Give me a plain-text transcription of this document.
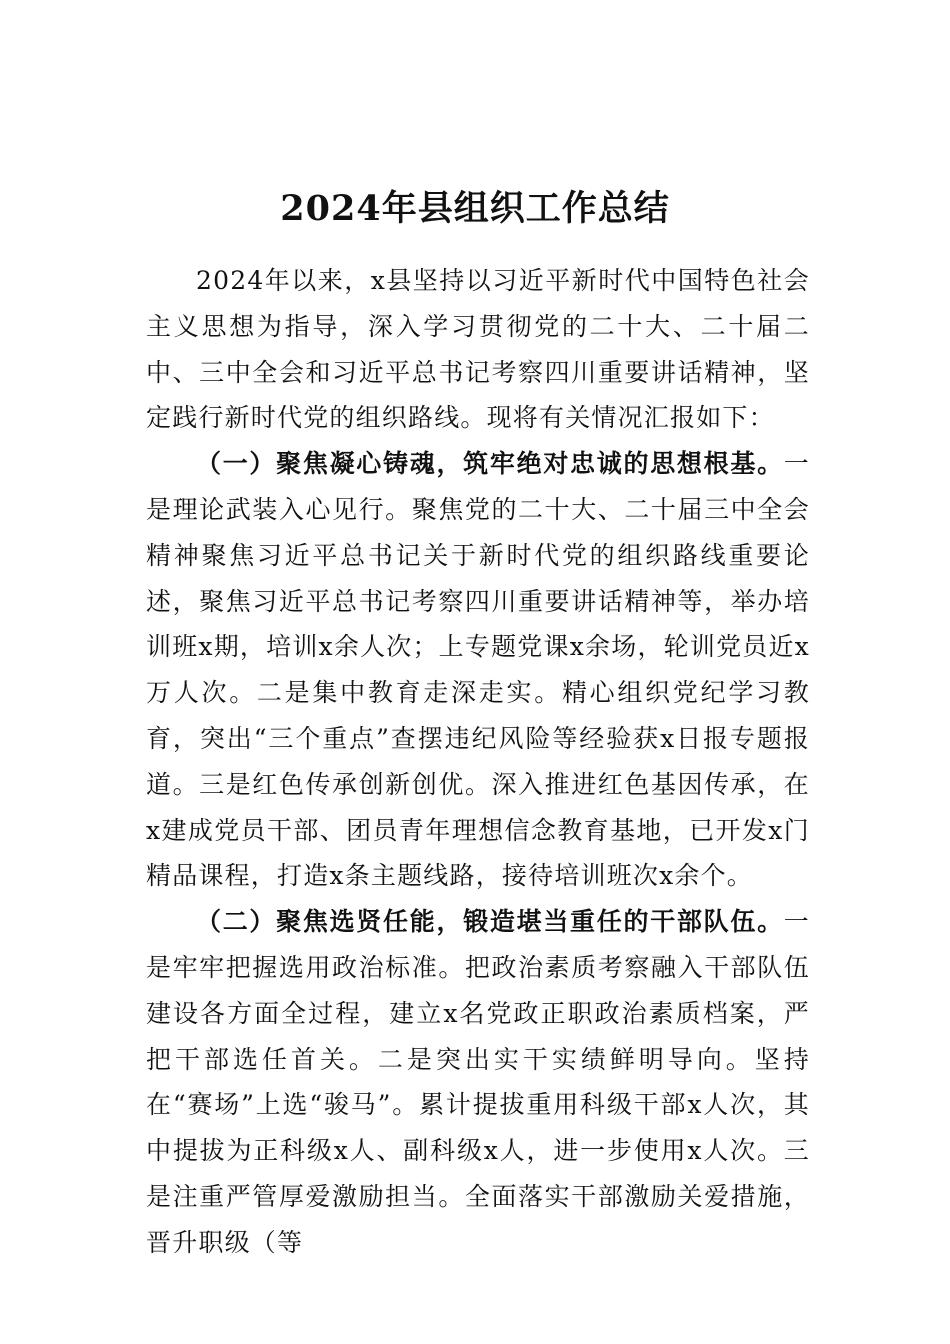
2024年县组织工作总结

2024年以来，x县坚持以习近平新时代中国特色社会主义思想为指导，深入学习贯彻党的二十大、二十届二中、三中全会和习近平总书记考察四川重要讲话精神，坚定践行新时代党的组织路线。现将有关情况汇报如下：

（一）聚焦凝心铸魂，筑牢绝对忠诚的思想根基。一是理论武装入心见行。聚焦党的二十大、二十届三中全会精神聚焦习近平总书记关于新时代党的组织路线重要论述，聚焦习近平总书记考察四川重要讲话精神等，举办培训班x期，培训x余人次；上专题党课x余场，轮训党员近x万人次。二是集中教育走深走实。精心组织党纪学习教育，突出“三个重点”查摆违纪风险等经验获x日报专题报道。三是红色传承创新创优。深入推进红色基因传承，在x建成党员干部、团员青年理想信念教育基地，已开发x门精品课程，打造x条主题线路，接待培训班次x余个。

（二）聚焦选贤任能，锻造堪当重任的干部队伍。一是牢牢把握选用政治标准。把政治素质考察融入干部队伍建设各方面全过程，建立x名党政正职政治素质档案，严把干部选任首关。二是突出实干实绩鲜明导向。坚持在“赛场”上选“骏马”。累计提拔重用科级干部x人次，其中提拔为正科级x人、副科级x人，进一步使用x人次。三是注重严管厚爱激励担当。全面落实干部激励关爱措施，晋升职级（等
